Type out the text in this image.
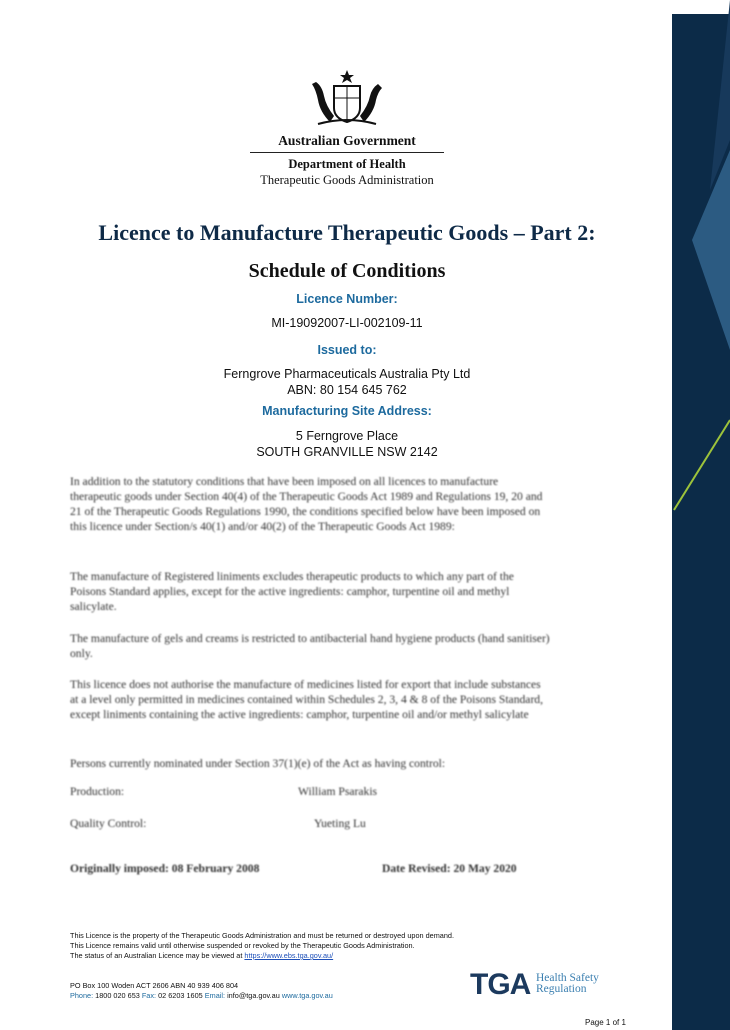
Australian Government
Department of Health
Therapeutic Goods Administration
Licence to Manufacture Therapeutic Goods – Part 2:
Schedule of Conditions
Licence Number:
MI-19092007-LI-002109-11
Issued to:
Ferngrove Pharmaceuticals Australia Pty Ltd
ABN: 80 154 645 762
Manufacturing Site Address:
5 Ferngrove Place
SOUTH GRANVILLE NSW 2142
In addition to the statutory conditions that have been imposed on all licences to manufacture therapeutic goods under Section 40(4) of the Therapeutic Goods Act 1989 and Regulations 19, 20 and 21 of the Therapeutic Goods Regulations 1990, the conditions specified below have been imposed on this licence under Section/s 40(1) and/or 40(2) of the Therapeutic Goods Act 1989:
The manufacture of Registered liniments excludes therapeutic products to which any part of the Poisons Standard applies, except for the active ingredients: camphor, turpentine oil and methyl salicylate.
The manufacture of gels and creams is restricted to antibacterial hand hygiene products (hand sanitiser) only.
This licence does not authorise the manufacture of medicines listed for export that include substances at a level only permitted in medicines contained within Schedules 2, 3, 4 & 8 of the Poisons Standard, except liniments containing the active ingredients: camphor, turpentine oil and/or methyl salicylate
Persons currently nominated under Section 37(1)(e) of the Act as having control:
Production:	William Psarakis
Quality Control:	Yueting Lu
Originally imposed: 08 February 2008	Date Revised: 20 May 2020
This Licence is the property of the Therapeutic Goods Administration and must be returned or destroyed upon demand.
This Licence remains valid until otherwise suspended or revoked by the Therapeutic Goods Administration.
The status of an Australian Licence may be viewed at https://www.ebs.tga.gov.au/
PO Box 100 Woden ACT 2606 ABN 40 939 406 804
Phone: 1800 020 653 Fax: 02 6203 1605 Email: info@tga.gov.au www.tga.gov.au	TGA Health Safety
Regulation
Page 1 of 1
